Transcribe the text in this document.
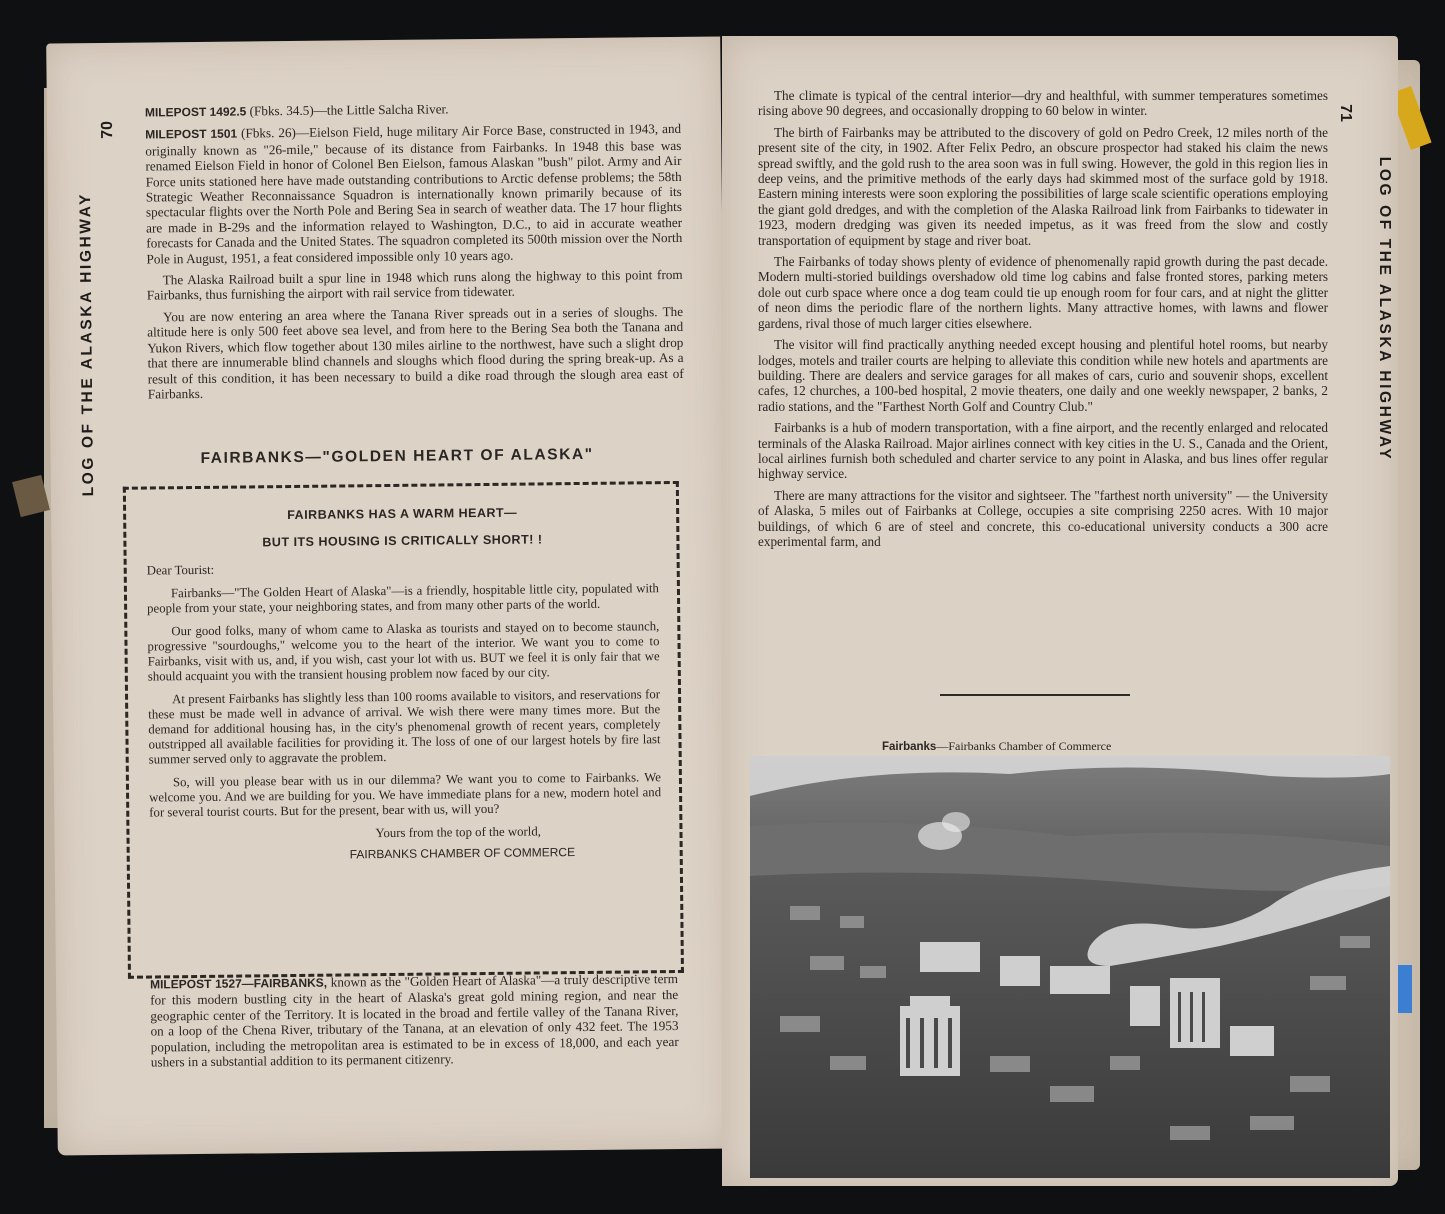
LOG OF THE ALASKA HIGHWAY
70

MILEPOST 1492.5 (Fbks. 34.5)—the Little Salcha River.

MILEPOST 1501 (Fbks. 26)—Eielson Field, huge military Air Force Base, constructed in 1943, and originally known as "26-mile," because of its distance from Fairbanks. In 1948 this base was renamed Eielson Field in honor of Colonel Ben Eielson, famous Alaskan "bush" pilot. Army and Air Force units stationed here have made outstanding contributions to Arctic defense problems; the 58th Strategic Weather Reconnaissance Squadron is internationally known primarily because of its spectacular flights over the North Pole and Bering Sea in search of weather data. The 17 hour flights are made in B-29s and the information relayed to Washington, D.C., to aid in accurate weather forecasts for Canada and the United States. The squadron completed its 500th mission over the North Pole in August, 1951, a feat considered impossible only 10 years ago.

The Alaska Railroad built a spur line in 1948 which runs along the highway to this point from Fairbanks, thus furnishing the airport with rail service from tidewater.

You are now entering an area where the Tanana River spreads out in a series of sloughs. The altitude here is only 500 feet above sea level, and from here to the Bering Sea both the Tanana and Yukon Rivers, which flow together about 130 miles airline to the northwest, have such a slight drop that there are innumerable blind channels and sloughs which flood during the spring break-up. As a result of this condition, it has been necessary to build a dike road through the slough area east of Fairbanks.

FAIRBANKS—"GOLDEN HEART OF ALASKA"
FAIRBANKS HAS A WARM HEART—
BUT ITS HOUSING IS CRITICALLY SHORT! !

Dear Tourist:

Fairbanks—"The Golden Heart of Alaska"—is a friendly, hospitable little city, populated with people from your state, your neighboring states, and from many other parts of the world.

Our good folks, many of whom came to Alaska as tourists and stayed on to become staunch, progressive "sourdoughs," welcome you to the heart of the interior. We want you to come to Fairbanks, visit with us, and, if you wish, cast your lot with us. BUT we feel it is only fair that we should acquaint you with the transient housing problem now faced by our city.

At present Fairbanks has slightly less than 100 rooms available to visitors, and reservations for these must be made well in advance of arrival. We wish there were many times more. But the demand for additional housing has, in the city's phenomenal growth of recent years, completely outstripped all available facilities for providing it. The loss of one of our largest hotels by fire last summer served only to aggravate the problem.

So, will you please bear with us in our dilemma? We want you to come to Fairbanks. We welcome you. And we are building for you. We have immediate plans for a new, modern hotel and for several tourist courts. But for the present, bear with us, will you?

Yours from the top of the world,

FAIRBANKS CHAMBER OF COMMERCE

MILEPOST 1527—FAIRBANKS, known as the "Golden Heart of Alaska"—a truly descriptive term for this modern bustling city in the heart of Alaska's great gold mining region, and near the geographic center of the Territory. It is located in the broad and fertile valley of the Tanana River, on a loop of the Chena River, tributary of the Tanana, at an elevation of only 432 feet. The 1953 population, including the metropolitan area is estimated to be in excess of 18,000, and each year ushers in a substantial addition to its permanent citizenry.

71

The climate is typical of the central interior—dry and healthful, with summer temperatures sometimes rising above 90 degrees, and occasionally dropping to 60 below in winter.

The birth of Fairbanks may be attributed to the discovery of gold on Pedro Creek, 12 miles north of the present site of the city, in 1902. After Felix Pedro, an obscure prospector had staked his claim the news spread swiftly, and the gold rush to the area soon was in full swing. However, the gold in this region lies in deep veins, and the primitive methods of the early days had skimmed most of the surface gold by 1918. Eastern mining interests were soon exploring the possibilities of large scale scientific operations employing the giant gold dredges, and with the completion of the Alaska Railroad link from Fairbanks to tidewater in 1923, modern dredging was given its needed impetus, as it was freed from the slow and costly transportation of equipment by stage and river boat.

The Fairbanks of today shows plenty of evidence of phenomenally rapid growth during the past decade. Modern multi-storied buildings overshadow old time log cabins and false fronted stores, parking meters dole out curb space where once a dog team could tie up enough room for four cars, and at night the glitter of neon dims the periodic flare of the northern lights. Many attractive homes, with lawns and flower gardens, rival those of much larger cities elsewhere.

The visitor will find practically anything needed except housing and plentiful hotel rooms, but nearby lodges, motels and trailer courts are helping to alleviate this condition while new hotels and apartments are building. There are dealers and service garages for all makes of cars, curio and souvenir shops, excellent cafes, 12 churches, a 100-bed hospital, 2 movie theaters, one daily and one weekly newspaper, 2 banks, 2 radio stations, and the "Farthest North Golf and Country Club."

Fairbanks is a hub of modern transportation, with a fine airport, and the recently enlarged and relocated terminals of the Alaska Railroad. Major airlines connect with key cities in the U. S., Canada and the Orient, local airlines furnish both scheduled and charter service to any point in Alaska, and bus lines offer regular highway service.

There are many attractions for the visitor and sightseer. The "farthest north university" — the University of Alaska, 5 miles out of Fairbanks at College, occupies a site comprising 2250 acres. With 10 major buildings, of which 6 are of steel and concrete, this co-educational university conducts a 300 acre experimental farm, and

Fairbanks—Fairbanks Chamber of Commerce
LOG OF THE ALASKA HIGHWAY
